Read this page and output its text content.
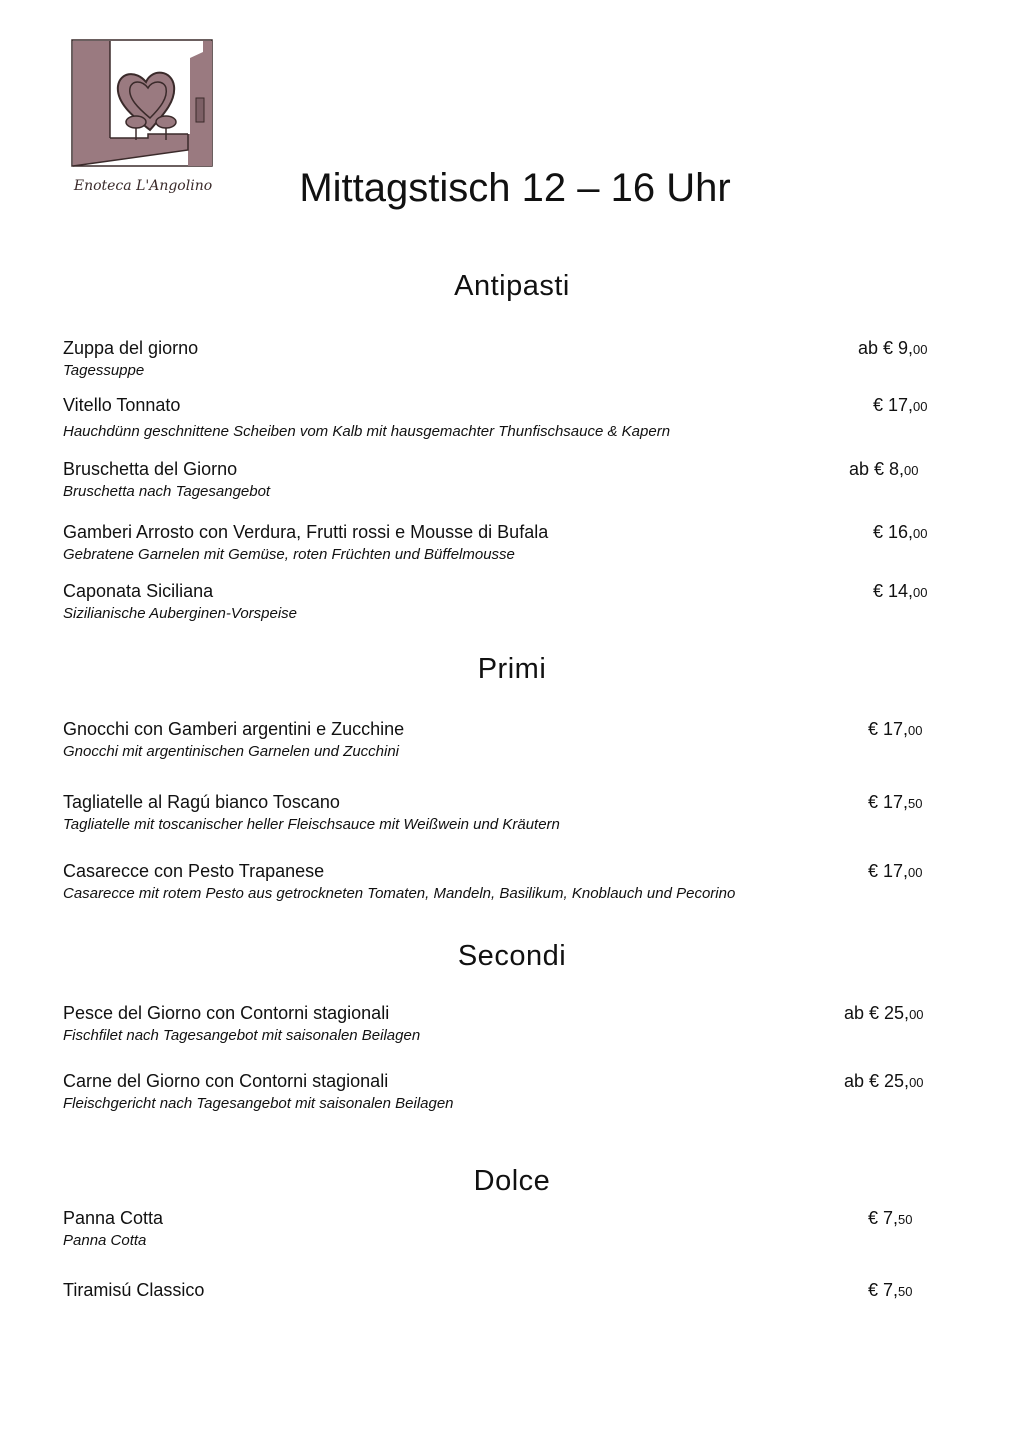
Enoteca L'Angolino	Mittagstisch 12 – 16 Uhr
Antipasti
Zuppa del giorno
Tagessuppe
ab € 9,00
Vitello Tonnato
Hauchdünn geschnittene Scheiben vom Kalb mit hausgemachter Thunfischsauce & Kapern
€ 17,00
Bruschetta del Giorno
Bruschetta nach Tagesangebot
ab € 8,00
Gamberi Arrosto con Verdura, Frutti rossi e Mousse di Bufala
Gebratene Garnelen mit Gemüse, roten Früchten und Büffelmousse
€ 16,00
Caponata Siciliana
Sizilianische Auberginen-Vorspeise
€ 14,00
Primi
Gnocchi con Gamberi argentini e Zucchine
Gnocchi mit argentinischen Garnelen und Zucchini
€ 17,00
Tagliatelle al Ragú bianco Toscano
Tagliatelle mit toscanischer heller Fleischsauce mit Weißwein und Kräutern
€ 17,50
Casarecce con Pesto Trapanese
Casarecce mit rotem Pesto aus getrockneten Tomaten, Mandeln, Basilikum, Knoblauch und Pecorino
€ 17,00
Secondi
Pesce del Giorno con Contorni stagionali
Fischfilet nach Tagesangebot mit saisonalen Beilagen
ab € 25,00
Carne del Giorno con Contorni stagionali
Fleischgericht nach Tagesangebot mit saisonalen Beilagen
ab € 25,00
Dolce
Panna Cotta
Panna Cotta
€ 7,50
Tiramisú Classico	€ 7,50
